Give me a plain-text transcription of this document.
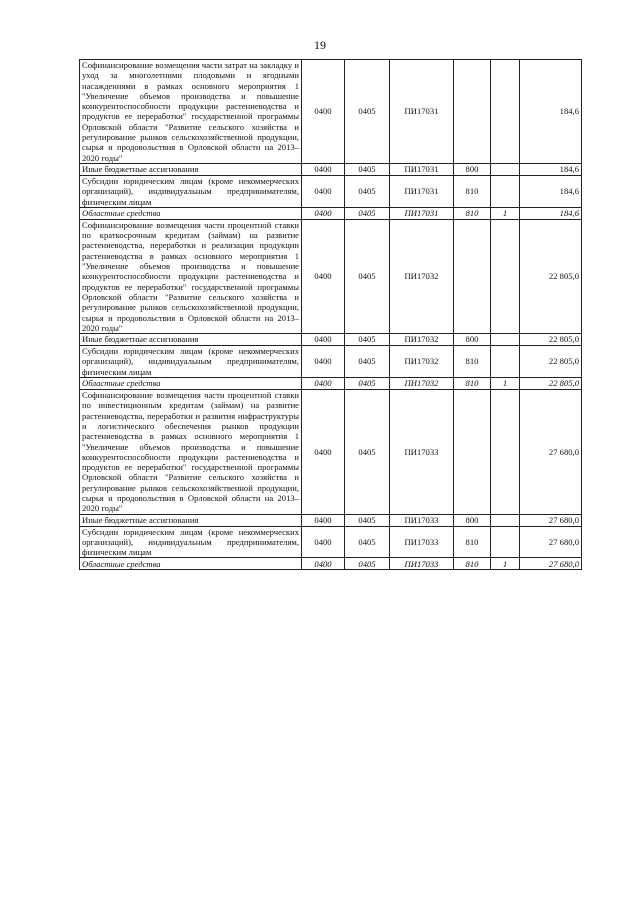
19
Софинансирование возмещения части затрат на закладку и уход за многолетними плодовыми и ягодными насаждениями в рамках основного мероприятия 1 "Увеличение объемов производства и повышение конкурентоспособности продукции растениеводства и продуктов ее переработки" государственной программы Орловской области "Развитие сельского хозяйства и регулирование рынков сельскохозяйственной продукции, сырья и продовольствия в Орловской области на 2013–2020 годы"	0400	0405	ПИ17031			184,6
Иные бюджетные ассигнования	0400	0405	ПИ17031	800		184,6
Субсидии юридическим лицам (кроме некоммерческих организаций), индивидуальным предпринимателям, физическим лицам	0400	0405	ПИ17031	810		184,6
Областные средства	0400	0405	ПИ17031	810	1	184,6
Софинансирование возмещения части процентной ставки по краткосрочным кредитам (займам) на развитие растениеводства, переработки и реализации продукции растениеводства в рамках основного мероприятия 1 "Увеличение объемов производства и повышение конкурентоспособности продукции растениеводства и продуктов ее переработки" государственной программы Орловской области "Развитие сельского хозяйства и регулирование рынков сельскохозяйственной продукции, сырья и продовольствия в Орловской области на 2013–2020 годы"	0400	0405	ПИ17032			22 805,0
Иные бюджетные ассигнования	0400	0405	ПИ17032	800		22 805,0
Субсидии юридическим лицам (кроме некоммерческих организаций), индивидуальным предпринимателям, физическим лицам	0400	0405	ПИ17032	810		22 805,0
Областные средства	0400	0405	ПИ17032	810	1	22 805,0
Софинансирование возмещения части процентной ставки по инвестиционным кредитам (займам) на развитие растениеводства, переработки и развития инфраструктуры и логистического обеспечения рынков продукции растениеводства в рамках основного мероприятия 1 "Увеличение объемов производства и повышение конкурентоспособности продукции растениеводства и продуктов ее переработки" государственной программы Орловской области "Развитие сельского хозяйства и регулирование рынков сельскохозяйственной продукции, сырья и продовольствия в Орловской области на 2013–2020 годы"	0400	0405	ПИ17033			27 680,0
Иные бюджетные ассигнования	0400	0405	ПИ17033	800		27 680,0
Субсидии юридическим лицам (кроме некоммерческих организаций), индивидуальным предпринимателям, физическим лицам	0400	0405	ПИ17033	810		27 680,0
Областные средства	0400	0405	ПИ17033	810	1	27 680,0
